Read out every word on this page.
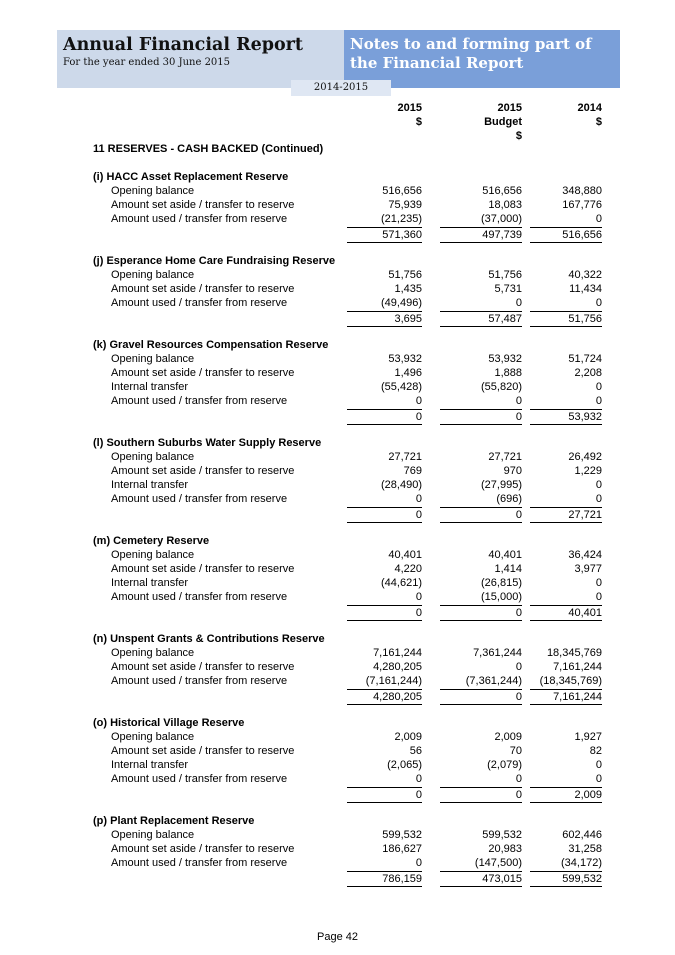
Annual Financial Report
For the year ended 30 June 2015
Notes to and forming part of the Financial Report
2014-2015
2015
$
2015
Budget
$
2014
$
11 RESERVES - CASH BACKED (Continued)
(i) HACC Asset Replacement Reserve
Opening balance	516,656	516,656	348,880
Amount set aside / transfer to reserve	75,939	18,083	167,776
Amount used / transfer from reserve	(21,235)	(37,000)	0
571,360	497,739	516,656
(j) Esperance Home Care Fundraising Reserve
Opening balance	51,756	51,756	40,322
Amount set aside / transfer to reserve	1,435	5,731	11,434
Amount used / transfer from reserve	(49,496)	0	0
3,695	57,487	51,756
(k) Gravel Resources Compensation Reserve
Opening balance	53,932	53,932	51,724
Amount set aside / transfer to reserve	1,496	1,888	2,208
Internal transfer	(55,428)	(55,820)	0
Amount used / transfer from reserve	0	0	0
0	0	53,932
(l) Southern Suburbs Water Supply Reserve
Opening balance	27,721	27,721	26,492
Amount set aside / transfer to reserve	769	970	1,229
Internal transfer	(28,490)	(27,995)	0
Amount used / transfer from reserve	0	(696)	0
0	0	27,721
(m) Cemetery Reserve
Opening balance	40,401	40,401	36,424
Amount set aside / transfer to reserve	4,220	1,414	3,977
Internal transfer	(44,621)	(26,815)	0
Amount used / transfer from reserve	0	(15,000)	0
0	0	40,401
(n) Unspent Grants & Contributions Reserve
Opening balance	7,161,244	7,361,244	18,345,769
Amount set aside / transfer to reserve	4,280,205	0	7,161,244
Amount used / transfer from reserve	(7,161,244)	(7,361,244)	(18,345,769)
4,280,205	0	7,161,244
(o) Historical Village Reserve
Opening balance	2,009	2,009	1,927
Amount set aside / transfer to reserve	56	70	82
Internal transfer	(2,065)	(2,079)	0
Amount used / transfer from reserve	0	0	0
0	0	2,009
(p) Plant Replacement Reserve
Opening balance	599,532	599,532	602,446
Amount set aside / transfer to reserve	186,627	20,983	31,258
Amount used / transfer from reserve	0	(147,500)	(34,172)
786,159	473,015	599,532
Page 42
